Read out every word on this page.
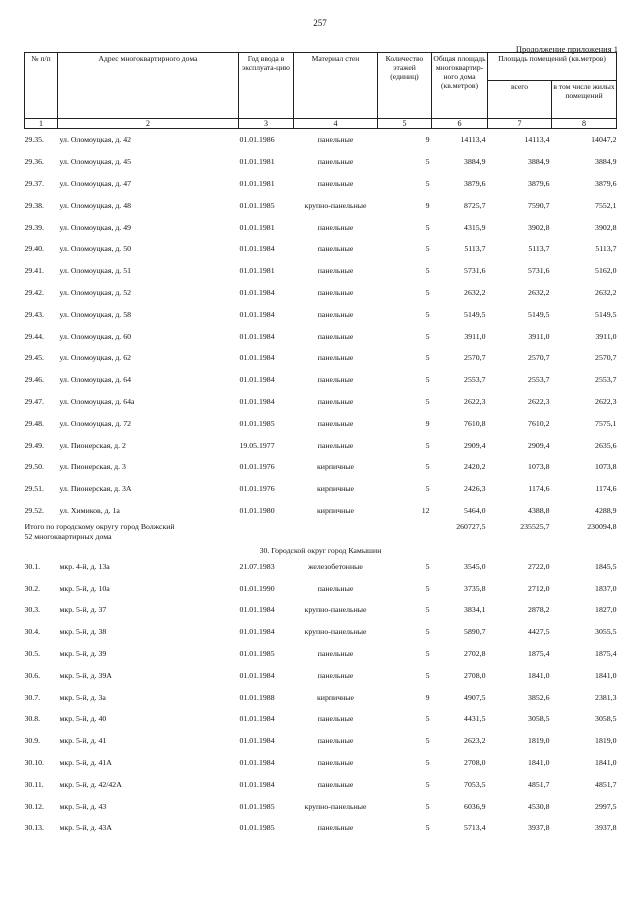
257
Продолжение приложения 1
№ п/п	Адрес многоквартирного дома	Год ввода в эксплуата-цию	Материал стен	Количество этажей (единиц)	Общая площадь многоквартир-ного дома (кв.метров)	Площадь помещений (кв.метров)	
						всего	в том числе жилых помещений
1	2	3	4	5	6	7	8
29.35.	ул. Оломоуцкая, д. 42	01.01.1986	панельные	9	14113,4	14113,4	14047,2
29.36.	ул. Оломоуцкая, д. 45	01.01.1981	панельные	5	3884,9	3884,9	3884,9
29.37.	ул. Оломоуцкая, д. 47	01.01.1981	панельные	5	3879,6	3879,6	3879,6
29.38.	ул. Оломоуцкая, д. 48	01.01.1985	крупно-панельные	9	8725,7	7590,7	7552,1
29.39.	ул. Оломоуцкая, д. 49	01.01.1981	панельные	5	4315,9	3902,8	3902,8
29.40.	ул. Оломоуцкая, д. 50	01.01.1984	панельные	5	5113,7	5113,7	5113,7
29.41.	ул. Оломоуцкая, д. 51	01.01.1981	панельные	5	5731,6	5731,6	5162,0
29.42.	ул. Оломоуцкая, д. 52	01.01.1984	панельные	5	2632,2	2632,2	2632,2
29.43.	ул. Оломоуцкая, д. 58	01.01.1984	панельные	5	5149,5	5149,5	5149,5
29.44.	ул. Оломоуцкая, д. 60	01.01.1984	панельные	5	3911,0	3911,0	3911,0
29.45.	ул. Оломоуцкая, д. 62	01.01.1984	панельные	5	2570,7	2570,7	2570,7
29.46.	ул. Оломоуцкая, д. 64	01.01.1984	панельные	5	2553,7	2553,7	2553,7
29.47.	ул. Оломоуцкая, д. 64а	01.01.1984	панельные	5	2622,3	2622,3	2622,3
29.48.	ул. Оломоуцкая, д. 72	01.01.1985	панельные	9	7610,8	7610,2	7575,1
29.49.	ул. Пионерская, д. 2	19.05.1977	панельные	5	2909,4	2909,4	2635,6
29.50.	ул. Пионерская, д. 3	01.01.1976	кирпичные	5	2420,2	1073,8	1073,8
29.51.	ул. Пионерская, д. 3А	01.01.1976	кирпичные	5	2426,3	1174,6	1174,6
29.52.	ул. Химиков, д. 1а	01.01.1980	кирпичные	12	5464,0	4388,8	4288,9

Итого по городскому округу город Волжский
52 многоквартирных дома					260727,5	235525,7	230094,8
30. Городской округ город Камышин							
30.1.	мкр. 4-й, д. 13а	21.07.1983	железобетонные	5	3545,0	2722,0	1845,5
30.2.	мкр. 5-й, д. 10а	01.01.1990	панельные	5	3735,8	2712,0	1837,0
30.3.	мкр. 5-й, д. 37	01.01.1984	крупно-панельные	5	3834,1	2878,2	1827,0
30.4.	мкр. 5-й, д. 38	01.01.1984	крупно-панельные	5	5890,7	4427,5	3055,5
30.5.	мкр. 5-й, д. 39	01.01.1985	панельные	5	2702,8	1875,4	1875,4
30.6.	мкр. 5-й, д. 39А	01.01.1984	панельные	5	2708,0	1841,0	1841,0
30.7.	мкр. 5-й, д. 3а	01.01.1988	кирпичные	9	4907,5	3852,6	2381,3
30.8.	мкр. 5-й, д. 40	01.01.1984	панельные	5	4431,5	3058,5	3058,5
30.9.	мкр. 5-й, д. 41	01.01.1984	панельные	5	2623,2	1819,0	1819,0
30.10.	мкр. 5-й, д. 41А	01.01.1984	панельные	5	2708,0	1841,0	1841,0
30.11.	мкр. 5-й, д. 42/42А	01.01.1984	панельные	5	7053,5	4851,7	4851,7
30.12.	мкр. 5-й, д. 43	01.01.1985	крупно-панельные	5	6036,9	4530,8	2997,5
30.13.	мкр. 5-й, д. 43А	01.01.1985	панельные	5	5713,4	3937,8	3937,8
